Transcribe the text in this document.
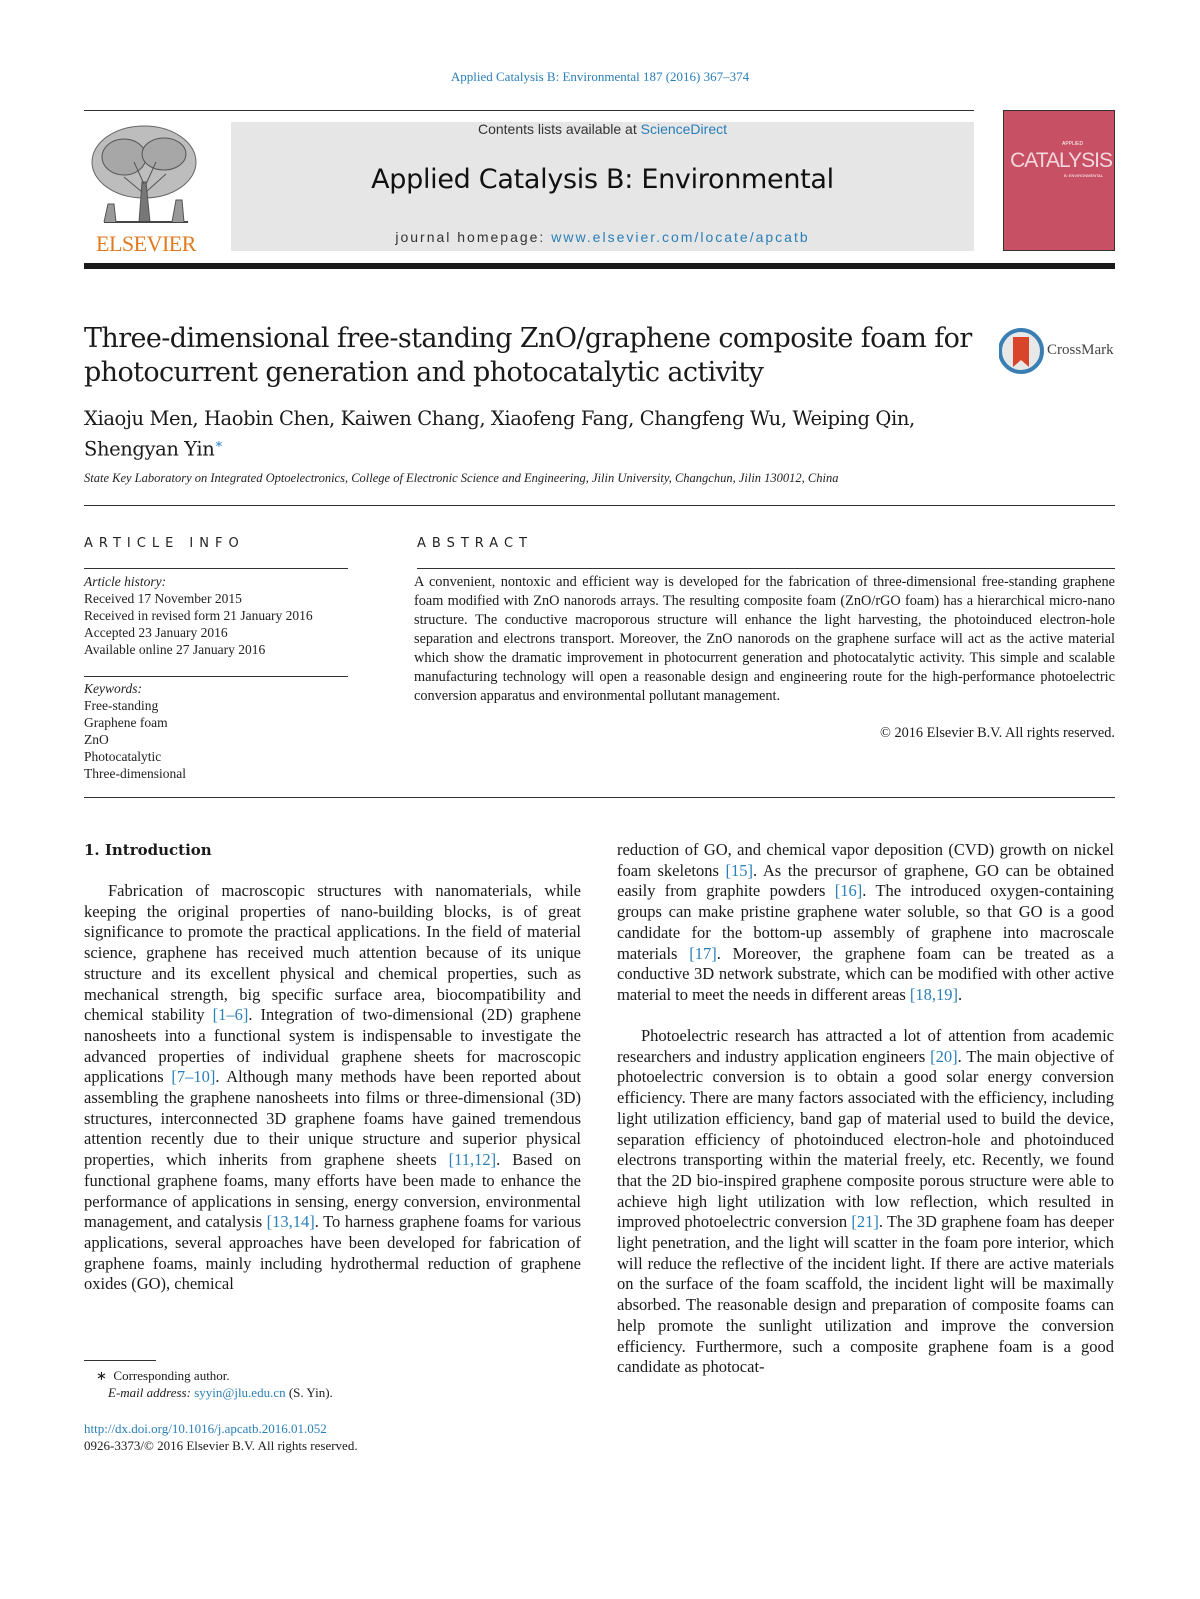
Applied Catalysis B: Environmental 187 (2016) 367–374
ELSEVIER
Contents lists available at ScienceDirect
Applied Catalysis B: Environmental
journal homepage: www.elsevier.com/locate/apcatb
APPLIED
CATALYSIS
B: ENVIRONMENTAL
Three-dimensional free-standing ZnO/graphene composite foam for photocurrent generation and photocatalytic activity
CrossMark
Xiaoju Men, Haobin Chen, Kaiwen Chang, Xiaofeng Fang, Changfeng Wu, Weiping Qin, Shengyan Yin∗
State Key Laboratory on Integrated Optoelectronics, College of Electronic Science and Engineering, Jilin University, Changchun, Jilin 130012, China
ARTICLE INFO	ABSTRACT
Article history:
Received 17 November 2015
Received in revised form 21 January 2016
Accepted 23 January 2016
Available online 27 January 2016
Keywords:
Free-standing
Graphene foam
ZnO
Photocatalytic
Three-dimensional
A convenient, nontoxic and efficient way is developed for the fabrication of three-dimensional free-standing graphene foam modified with ZnO nanorods arrays. The resulting composite foam (ZnO/rGO foam) has a hierarchical micro-nano structure. The conductive macroporous structure will enhance the light harvesting, the photoinduced electron-hole separation and electrons transport. Moreover, the ZnO nanorods on the graphene surface will act as the active material which show the dramatic improvement in photocurrent generation and photocatalytic activity. This simple and scalable manufacturing technology will open a reasonable design and engineering route for the high-performance photoelectric conversion apparatus and environmental pollutant management.
© 2016 Elsevier B.V. All rights reserved.
1. Introduction
Fabrication of macroscopic structures with nanomaterials, while keeping the original properties of nano-building blocks, is of great significance to promote the practical applications. In the field of material science, graphene has received much attention because of its unique structure and its excellent physical and chemical properties, such as mechanical strength, big specific surface area, biocompatibility and chemical stability [1–6]. Integration of two-dimensional (2D) graphene nanosheets into a functional system is indispensable to investigate the advanced properties of individual graphene sheets for macroscopic applications [7–10]. Although many methods have been reported about assembling the graphene nanosheets into films or three-dimensional (3D) structures, interconnected 3D graphene foams have gained tremendous attention recently due to their unique structure and superior physical properties, which inherits from graphene sheets [11,12]. Based on functional graphene foams, many efforts have been made to enhance the performance of applications in sensing, energy conversion, environmental management, and catalysis [13,14]. To harness graphene foams for various applications, several approaches have been developed for fabrication of graphene foams, mainly including hydrothermal reduction of graphene oxides (GO), chemical
reduction of GO, and chemical vapor deposition (CVD) growth on nickel foam skeletons [15]. As the precursor of graphene, GO can be obtained easily from graphite powders [16]. The introduced oxygen-containing groups can make pristine graphene water soluble, so that GO is a good candidate for the bottom-up assembly of graphene into macroscale materials [17]. Moreover, the graphene foam can be treated as a conductive 3D network substrate, which can be modified with other active material to meet the needs in different areas [18,19].
Photoelectric research has attracted a lot of attention from academic researchers and industry application engineers [20]. The main objective of photoelectric conversion is to obtain a good solar energy conversion efficiency. There are many factors associated with the efficiency, including light utilization efficiency, band gap of material used to build the device, separation efficiency of photoinduced electron-hole and photoinduced electrons transporting within the material freely, etc. Recently, we found that the 2D bio-inspired graphene composite porous structure were able to achieve high light utilization with low reflection, which resulted in improved photoelectric conversion [21]. The 3D graphene foam has deeper light penetration, and the light will scatter in the foam pore interior, which will reduce the reflective of the incident light. If there are active materials on the surface of the foam scaffold, the incident light will be maximally absorbed. The reasonable design and preparation of composite foams can help promote the sunlight utilization and improve the conversion efficiency. Furthermore, such a composite graphene foam is a good candidate as photocat-
∗ Corresponding author.
E-mail address: syyin@jlu.edu.cn (S. Yin).
http://dx.doi.org/10.1016/j.apcatb.2016.01.052
0926-3373/© 2016 Elsevier B.V. All rights reserved.
